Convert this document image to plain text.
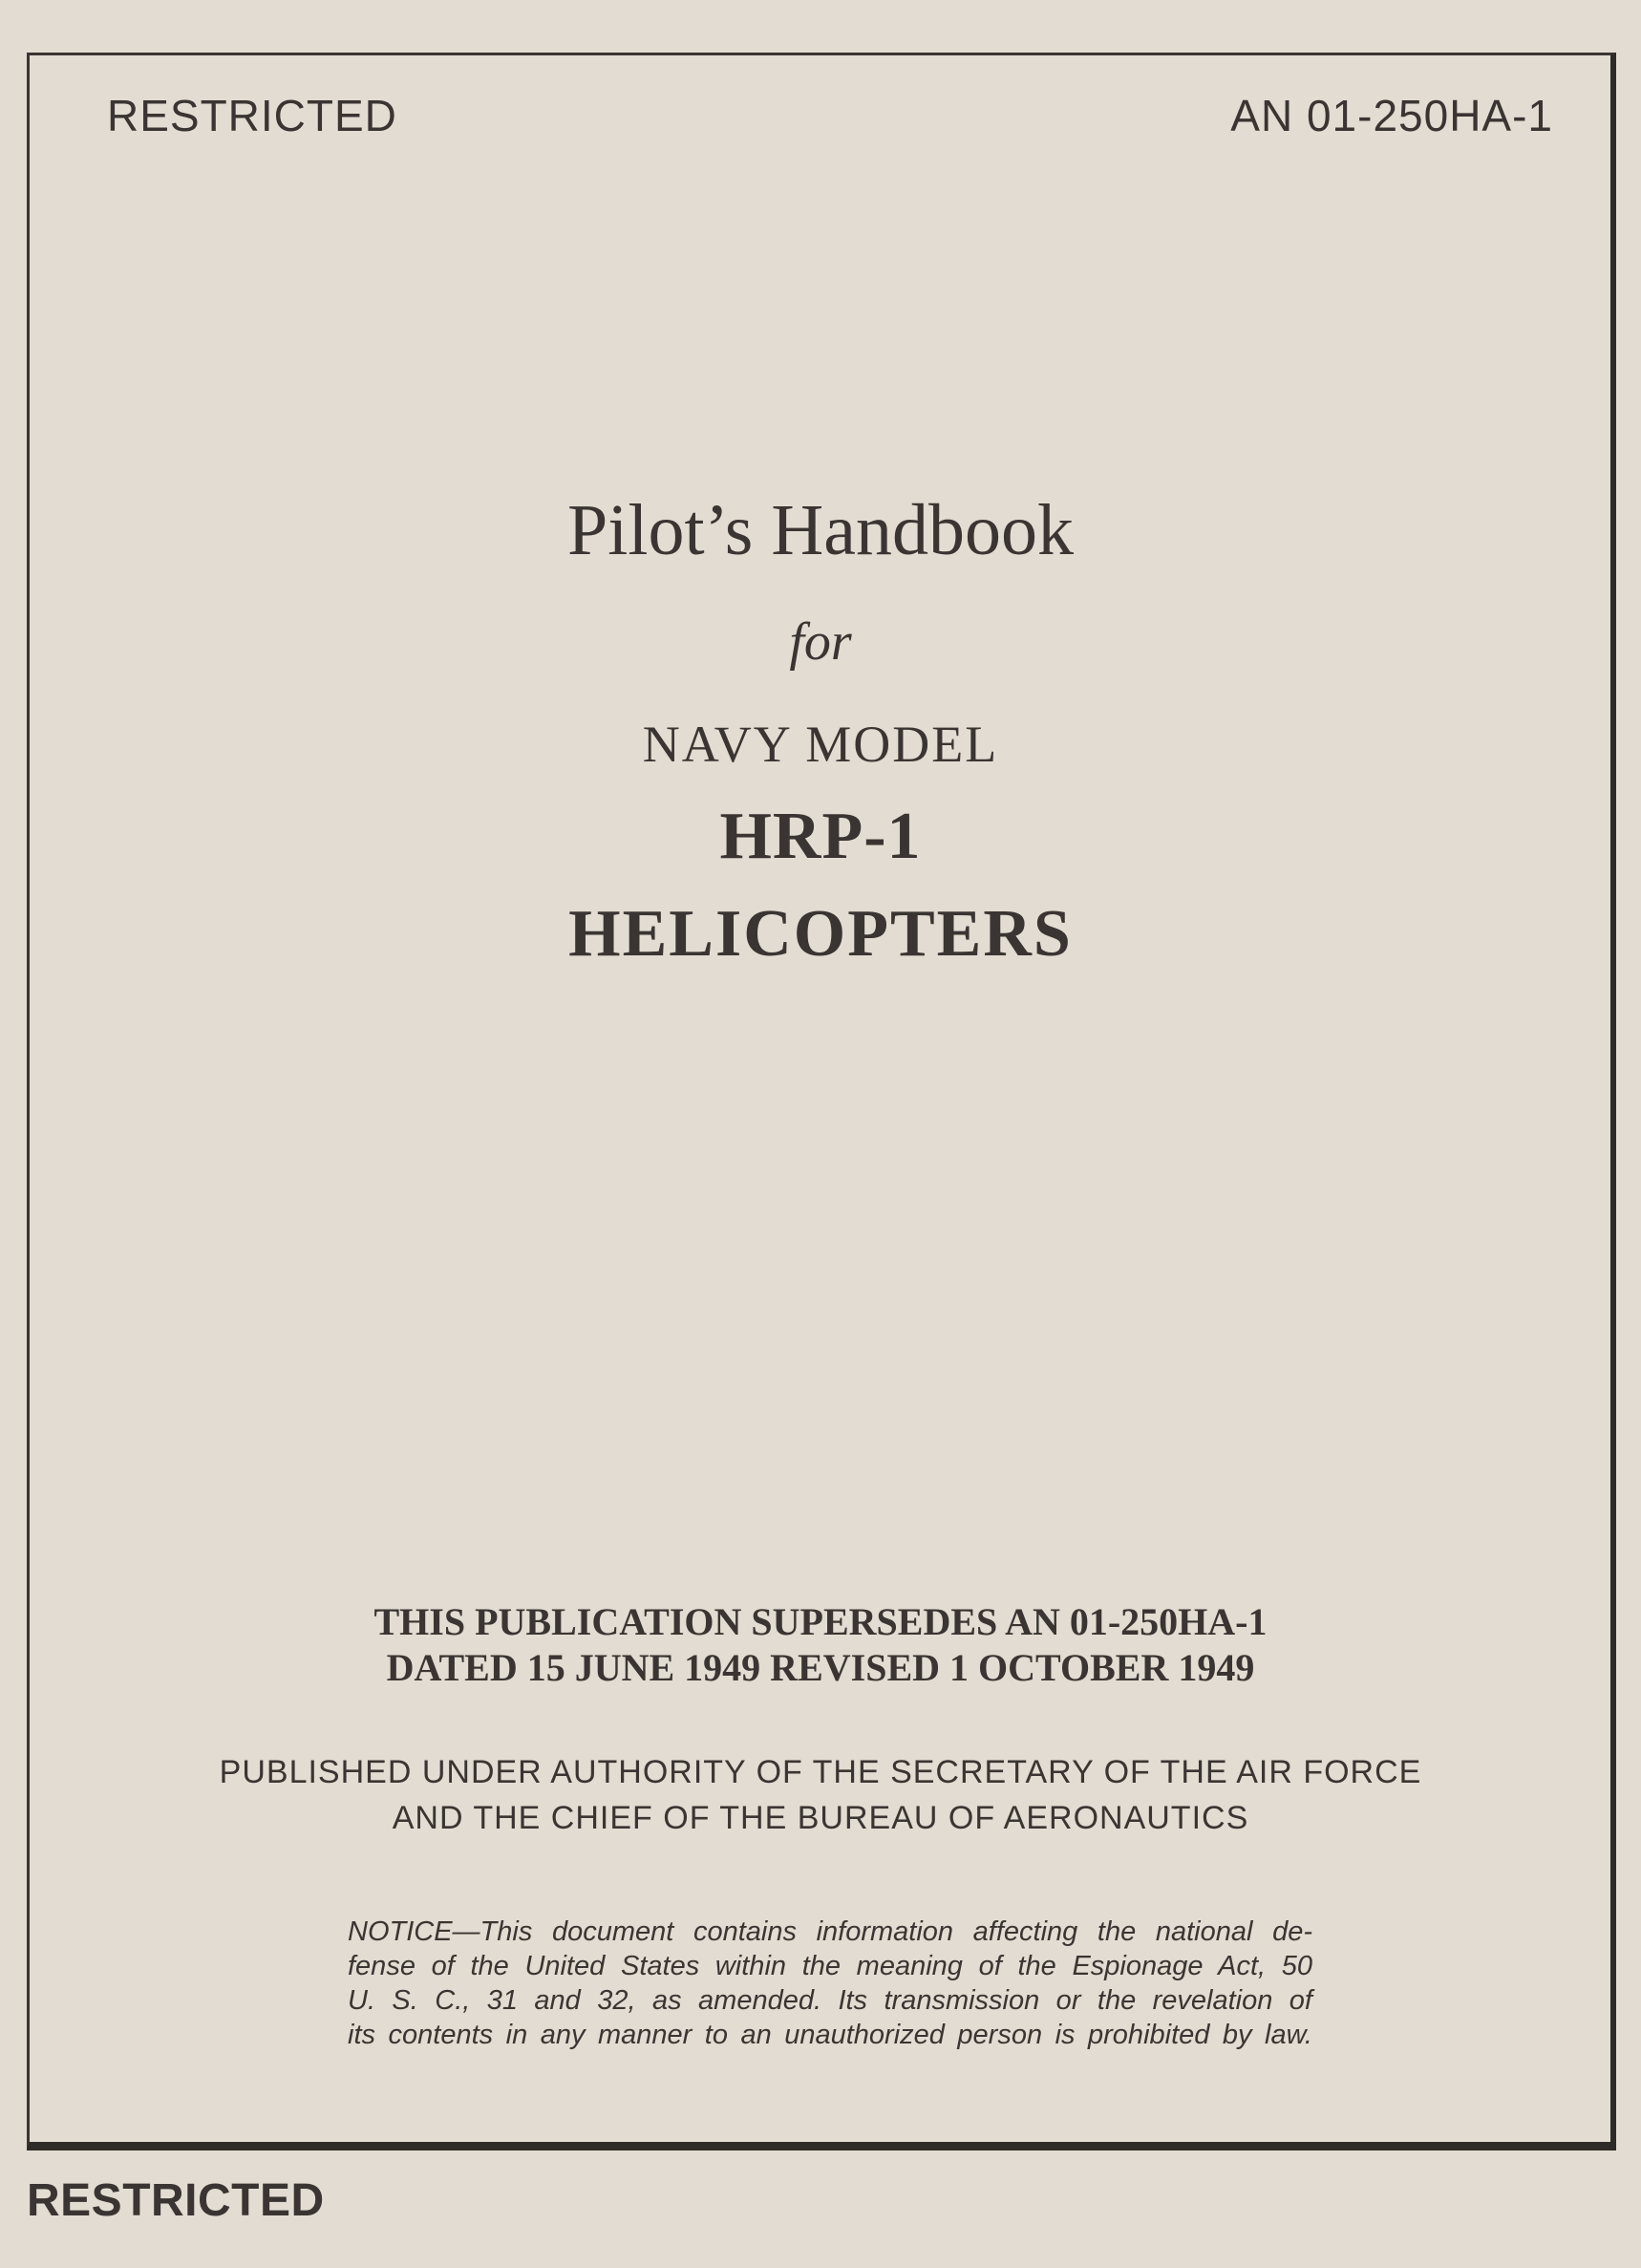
RESTRICTED	AN 01-250HA-1
Pilot’s Handbook
for
NAVY MODEL
HRP-1
HELICOPTERS
THIS PUBLICATION SUPERSEDES AN 01-250HA-1
DATED 15 JUNE 1949 REVISED 1 OCTOBER 1949
PUBLISHED UNDER AUTHORITY OF THE SECRETARY OF THE AIR FORCE
AND THE CHIEF OF THE BUREAU OF AERONAUTICS
NOTICE—This document contains information affecting the national de-
fense of the United States within the meaning of the Espionage Act, 50
U. S. C., 31 and 32, as amended. Its transmission or the revelation of
its contents in any manner to an unauthorized person is prohibited by law.
RESTRICTED
